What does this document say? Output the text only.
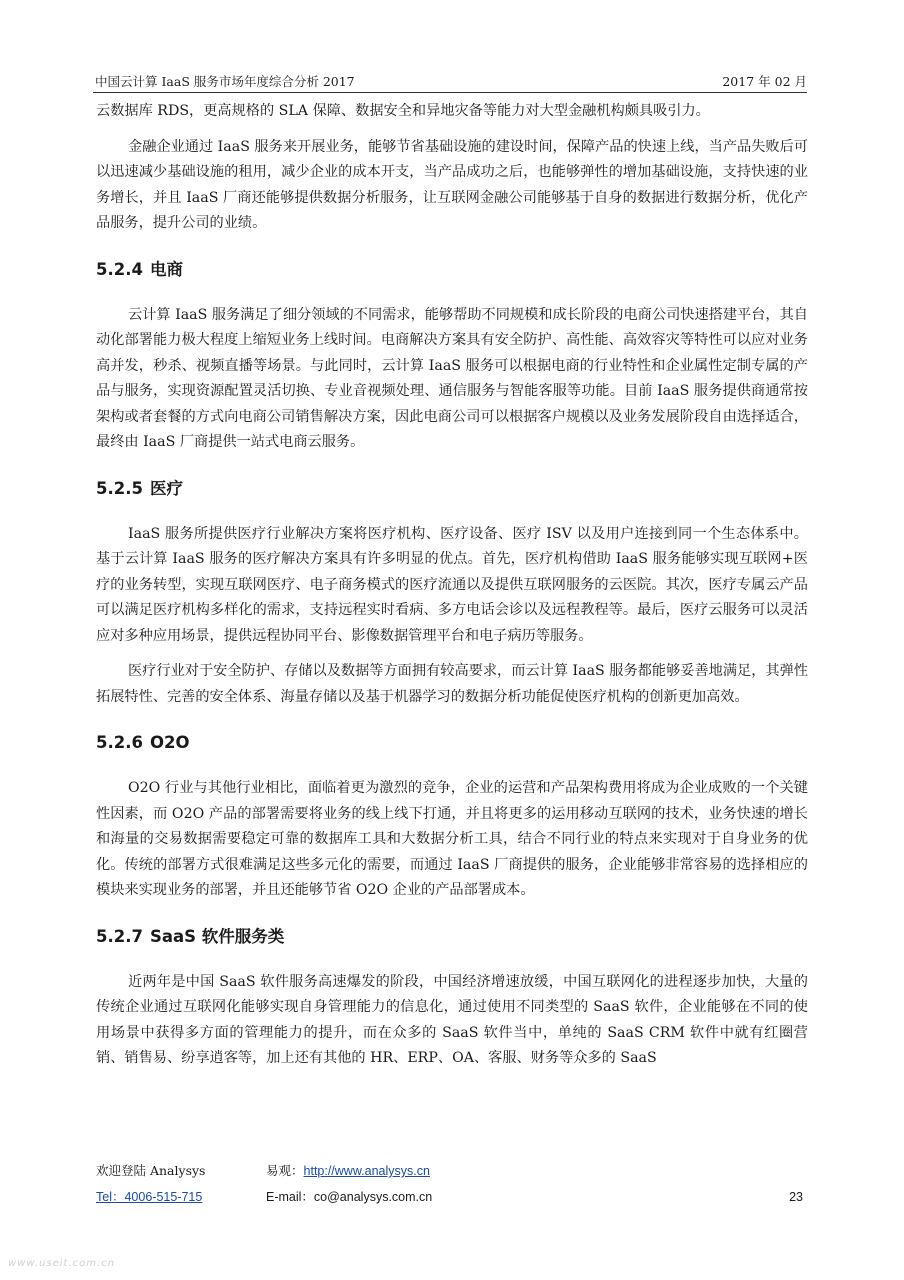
中国云计算 IaaS 服务市场年度综合分析 2017	2017 年 02 月

云数据库 RDS，更高规格的 SLA 保障、数据安全和异地灾备等能力对大型金融机构颇具吸引力。

金融企业通过 IaaS 服务来开展业务，能够节省基础设施的建设时间，保障产品的快速上线，当产品失败后可以迅速减少基础设施的租用，减少企业的成本开支，当产品成功之后，也能够弹性的增加基础设施，支持快速的业务增长，并且 IaaS 厂商还能够提供数据分析服务，让互联网金融公司能够基于自身的数据进行数据分析，优化产品服务，提升公司的业绩。

5.2.4 电商

云计算 IaaS 服务满足了细分领域的不同需求，能够帮助不同规模和成长阶段的电商公司快速搭建平台，其自动化部署能力极大程度上缩短业务上线时间。电商解决方案具有安全防护、高性能、高效容灾等特性可以应对业务高并发，秒杀、视频直播等场景。与此同时，云计算 IaaS 服务可以根据电商的行业特性和企业属性定制专属的产品与服务，实现资源配置灵活切换、专业音视频处理、通信服务与智能客服等功能。目前 IaaS 服务提供商通常按架构或者套餐的方式向电商公司销售解决方案，因此电商公司可以根据客户规模以及业务发展阶段自由选择适合，最终由 IaaS 厂商提供一站式电商云服务。

5.2.5 医疗

IaaS 服务所提供医疗行业解决方案将医疗机构、医疗设备、医疗 ISV 以及用户连接到同一个生态体系中。基于云计算 IaaS 服务的医疗解决方案具有许多明显的优点。首先，医疗机构借助 IaaS 服务能够实现互联网+医疗的业务转型，实现互联网医疗、电子商务模式的医疗流通以及提供互联网服务的云医院。其次，医疗专属云产品可以满足医疗机构多样化的需求，支持远程实时看病、多方电话会诊以及远程教程等。最后，医疗云服务可以灵活应对多种应用场景，提供远程协同平台、影像数据管理平台和电子病历等服务。

医疗行业对于安全防护、存储以及数据等方面拥有较高要求，而云计算 IaaS 服务都能够妥善地满足，其弹性拓展特性、完善的安全体系、海量存储以及基于机器学习的数据分析功能促使医疗机构的创新更加高效。

5.2.6 O2O

O2O 行业与其他行业相比，面临着更为激烈的竞争，企业的运营和产品架构费用将成为企业成败的一个关键性因素，而 O2O 产品的部署需要将业务的线上线下打通，并且将更多的运用移动互联网的技术，业务快速的增长和海量的交易数据需要稳定可靠的数据库工具和大数据分析工具，结合不同行业的特点来实现对于自身业务的优化。传统的部署方式很难满足这些多元化的需要，而通过 IaaS 厂商提供的服务，企业能够非常容易的选择相应的模块来实现业务的部署，并且还能够节省 O2O 企业的产品部署成本。

5.2.7 SaaS 软件服务类

近两年是中国 SaaS 软件服务高速爆发的阶段，中国经济增速放缓，中国互联网化的进程逐步加快，大量的传统企业通过互联网化能够实现自身管理能力的信息化，通过使用不同类型的 SaaS 软件，企业能够在不同的使用场景中获得多方面的管理能力的提升，而在众多的 SaaS 软件当中，单纯的 SaaS CRM 软件中就有红圈营销、销售易、纷享逍客等，加上还有其他的 HR、ERP、OA、客服、财务等众多的 SaaS

欢迎登陆 Analysys	易观：http://www.analysys.cn
Tel：4006-515-715	E-mail：co@analysys.com.cn	23
www.useit.com.cn
